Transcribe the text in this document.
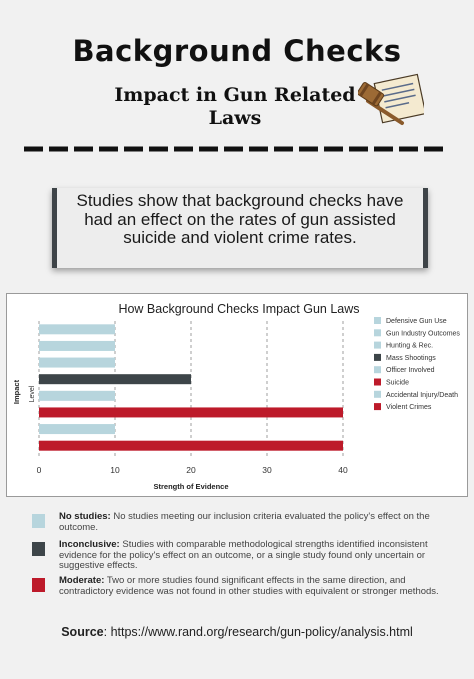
Background Checks
Impact in Gun Related Laws
Studies show that background checks have had an effect on the rates of gun assisted suicide and violent crime rates.
How Background Checks Impact Gun Laws
0	10	20	30	40
Strength of Evidence
Impact Level
Defensive Gun Use
Gun Industry Outcomes
Hunting & Rec.
Mass Shootings
Officer Involved
Suicide
Accidental Injury/Death
Violent Crimes
No studies: No studies meeting our inclusion criteria evaluated the policy's effect on the outcome.
Inconclusive: Studies with comparable methodological strengths identified inconsistent evidence for the policy's effect on an outcome, or a single study found only uncertain or suggestive effects.
Moderate: Two or more studies found significant effects in the same direction, and contradictory evidence was not found in other studies with equivalent or stronger methods.
Source: https://www.rand.org/research/gun-policy/analysis.html
